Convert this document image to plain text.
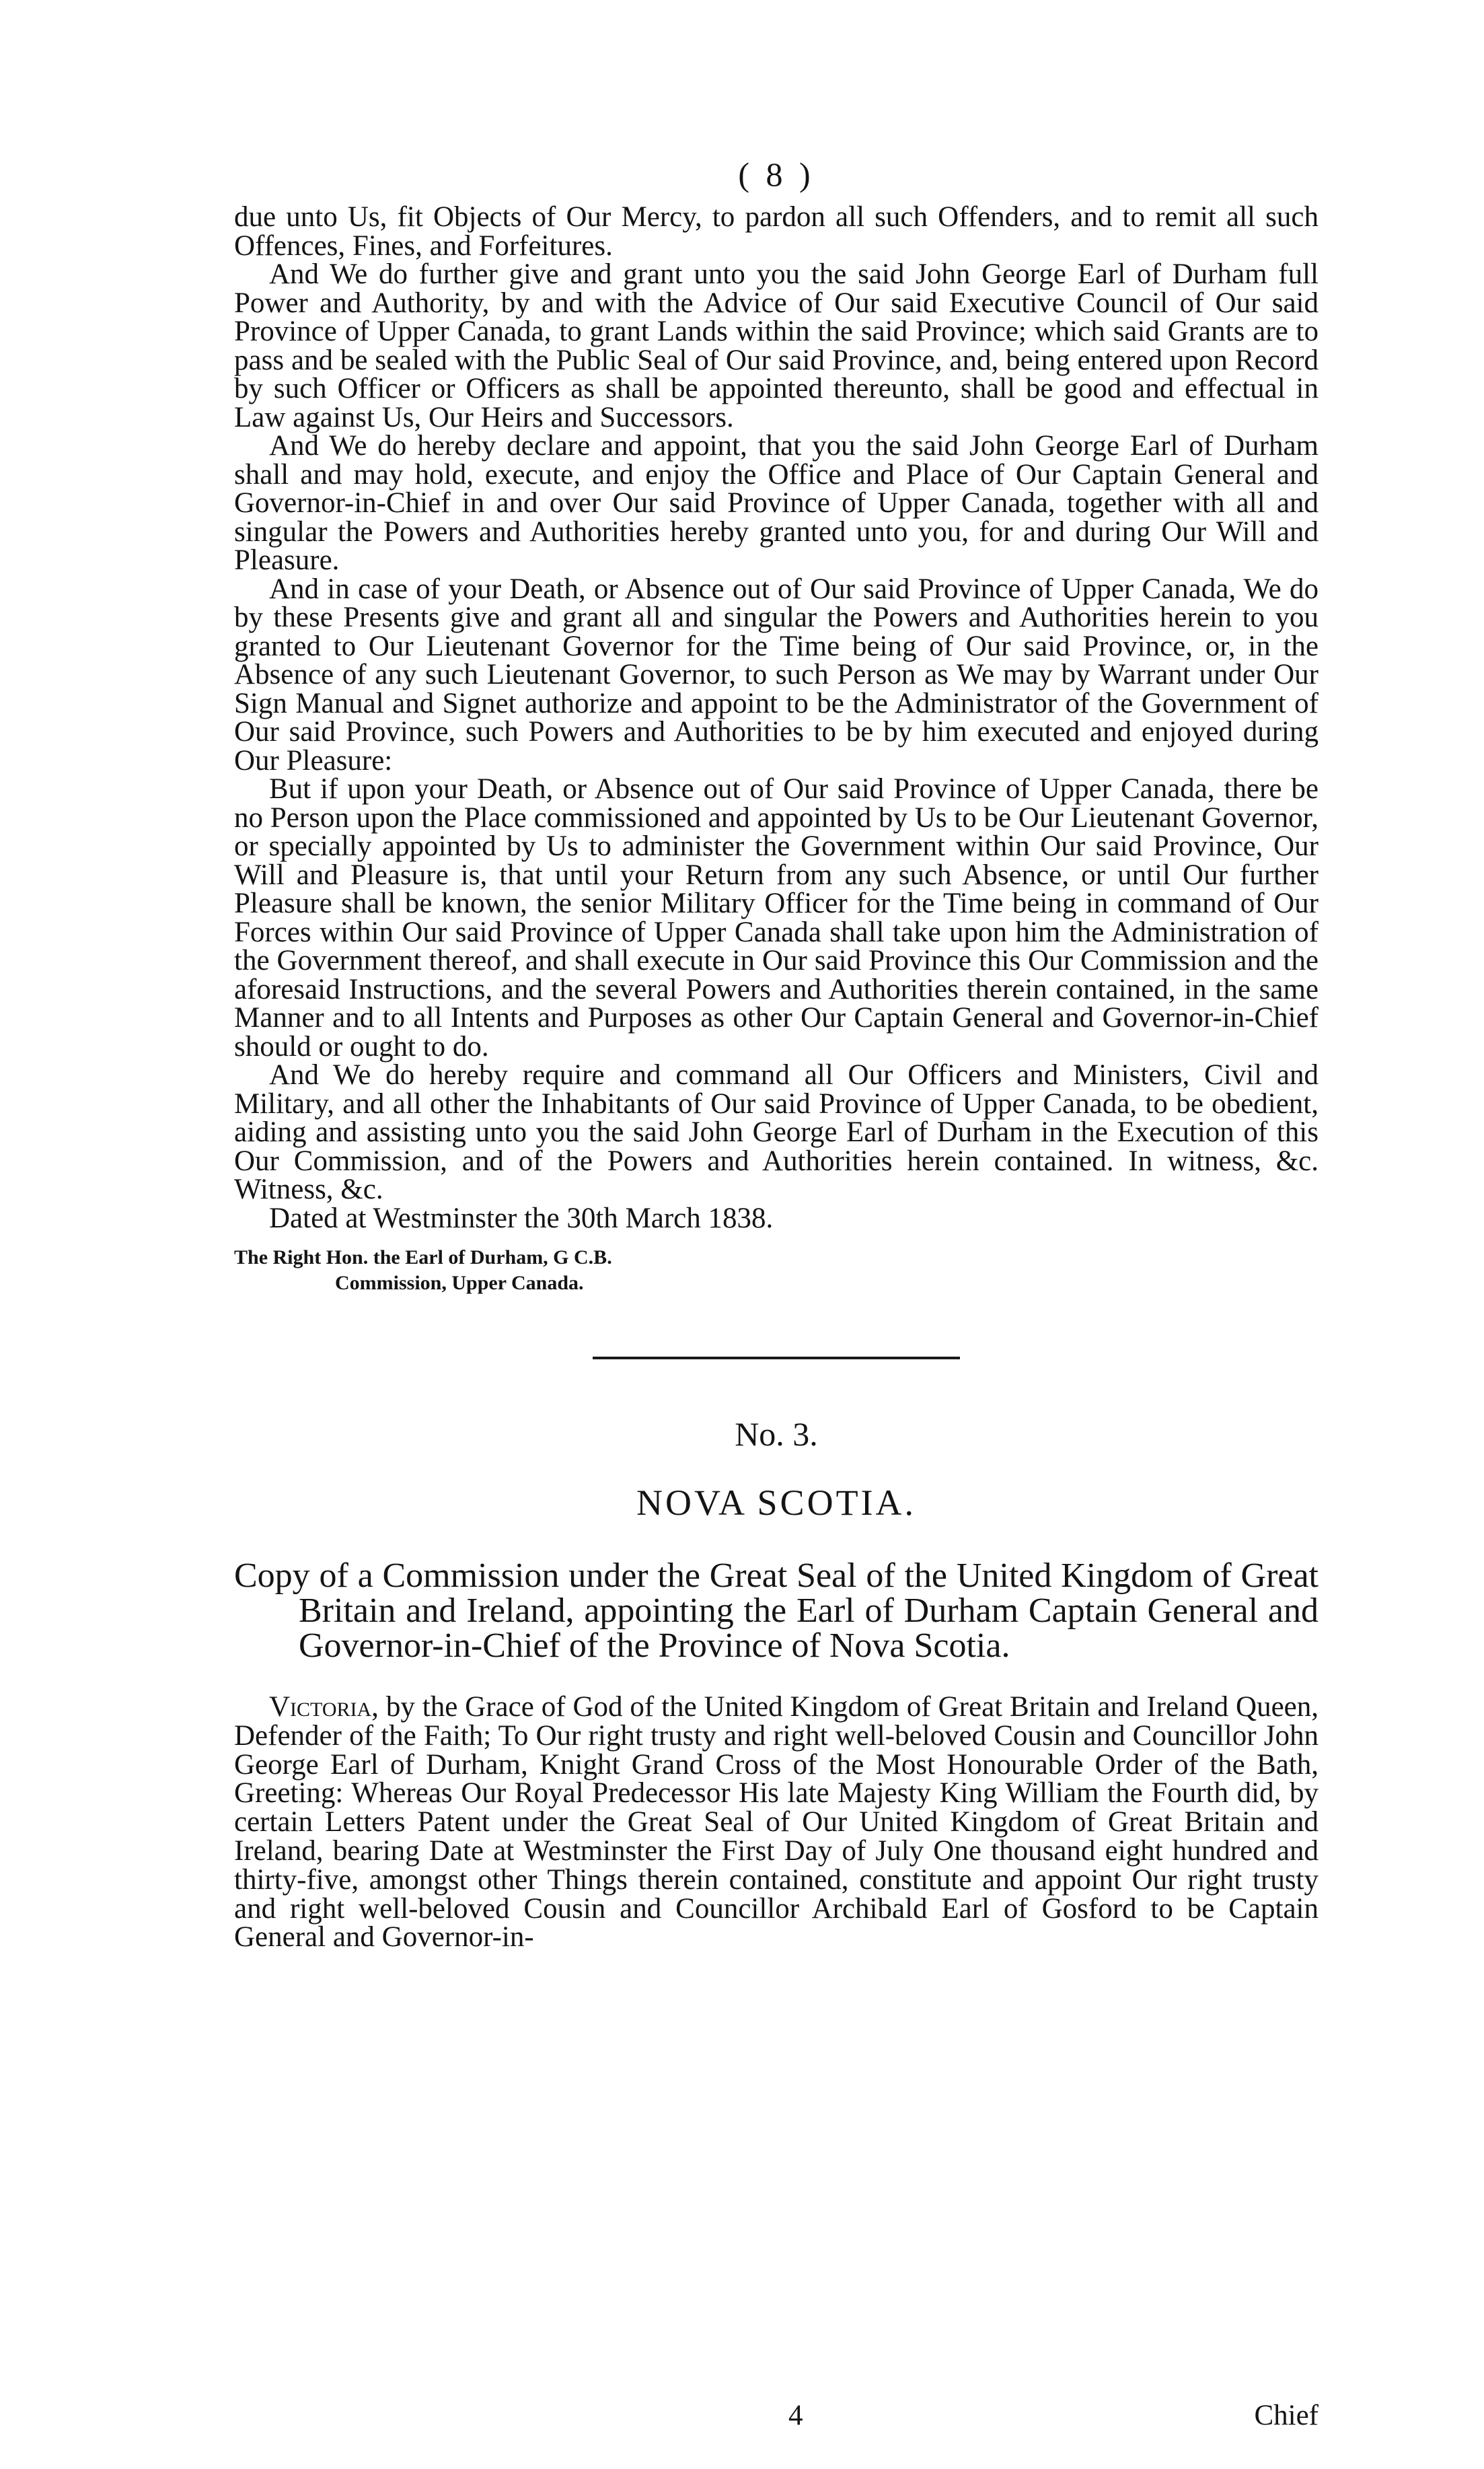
( 8 )

due unto Us, fit Objects of Our Mercy, to pardon all such Offenders, and to remit all such Offences, Fines, and Forfeitures.

And We do further give and grant unto you the said John George Earl of Durham full Power and Authority, by and with the Advice of Our said Executive Council of Our said Province of Upper Canada, to grant Lands within the said Province; which said Grants are to pass and be sealed with the Public Seal of Our said Province, and, being entered upon Record by such Officer or Officers as shall be appointed thereunto, shall be good and effectual in Law against Us, Our Heirs and Successors.

And We do hereby declare and appoint, that you the said John George Earl of Durham shall and may hold, execute, and enjoy the Office and Place of Our Captain General and Governor-in-Chief in and over Our said Province of Upper Canada, together with all and singular the Powers and Authorities hereby granted unto you, for and during Our Will and Pleasure.

And in case of your Death, or Absence out of Our said Province of Upper Canada, We do by these Presents give and grant all and singular the Powers and Authorities herein to you granted to Our Lieutenant Governor for the Time being of Our said Province, or, in the Absence of any such Lieutenant Governor, to such Person as We may by Warrant under Our Sign Manual and Signet authorize and appoint to be the Administrator of the Government of Our said Province, such Powers and Authorities to be by him executed and enjoyed during Our Pleasure:

But if upon your Death, or Absence out of Our said Province of Upper Canada, there be no Person upon the Place commissioned and appointed by Us to be Our Lieutenant Governor, or specially appointed by Us to administer the Government within Our said Province, Our Will and Pleasure is, that until your Return from any such Absence, or until Our further Pleasure shall be known, the senior Military Officer for the Time being in command of Our Forces within Our said Province of Upper Canada shall take upon him the Administration of the Government thereof, and shall execute in Our said Province this Our Commission and the aforesaid Instructions, and the several Powers and Authorities therein contained, in the same Manner and to all Intents and Purposes as other Our Captain General and Governor-in-Chief should or ought to do.

And We do hereby require and command all Our Officers and Ministers, Civil and Military, and all other the Inhabitants of Our said Province of Upper Canada, to be obedient, aiding and assisting unto you the said John George Earl of Durham in the Execution of this Our Commission, and of the Powers and Authorities herein contained. In witness, &c. Witness, &c.

Dated at Westminster the 30th March 1838.

The Right Hon. the Earl of Durham, G C.B.
Commission, Upper Canada.
No. 3.
NOVA SCOTIA.
Copy of a Commission under the Great Seal of the United Kingdom of Great Britain and Ireland, appointing the Earl of Durham Captain General and Governor-in-Chief of the Province of Nova Scotia.

Victoria, by the Grace of God of the United Kingdom of Great Britain and Ireland Queen, Defender of the Faith; To Our right trusty and right well-beloved Cousin and Councillor John George Earl of Durham, Knight Grand Cross of the Most Honourable Order of the Bath, Greeting: Whereas Our Royal Predecessor His late Majesty King William the Fourth did, by certain Letters Patent under the Great Seal of Our United Kingdom of Great Britain and Ireland, bearing Date at Westminster the First Day of July One thousand eight hundred and thirty-five, amongst other Things therein contained, constitute and appoint Our right trusty and right well-beloved Cousin and Councillor Archibald Earl of Gosford to be Captain General and Governor-in-

4	Chief
